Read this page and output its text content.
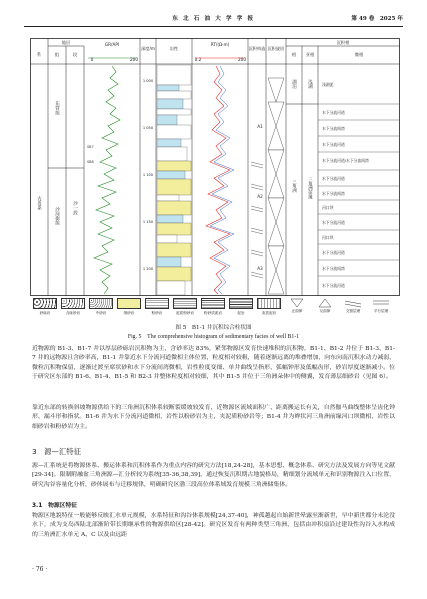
东 北 石 油 大 学 学 报	第 49 卷　2025 年
地层
系	组	段
GR/API
深度/m	岩性
RT/(Ω·m)
沉积构造 沉积旋回
沉积相
相 亚相	微相
0	200	0.2	200
古近系
东营组
沙河街组	沙一段
SB7
SB8
1 000
1 050
1 100
1 150
1 200
湖泊
三角洲
浅湖
三角洲前缘
A1
A2
A3
浅湖泥
水下分流河道
水下分流间湾
水下分流河道
水下分流河道/水下分流间湾
水下分流河道
水下分流间湾
河口坝
水下分流河道
河口坝
水下分流河道
水下分流间湾
水下分流河道
砂砾岩	含砾砂岩	中砂岩	细砂岩	粉砂岩	泥质粉砂岩	粉砂质泥岩	泥岩	灰质泥岩	正韵律	反韵律	交错层理	平行层理
图 5　B1-1 井沉积综合柱状图
Fig. 5　The comprehensive histogram of sedimentary facies of well B1-1
近物源的 B1-3、B1-7 井以厚层砂砾岩沉积物为主，含砂率达 83%，紧邻物源区发育快速堆积的沉积物，B1-1、B1-2 井位于 B1-3、B1-7 井的远物源且含砂率高，B1-1 井靠近水下分流河道微相主体位置，粒度相对较粗，随着逐渐远离的堆叠增加，向东向南沉积水动力减弱，微粒沉积物保留，逐渐过渡至席状砂和水下分流间湾微相，岩性粒度变细、单井曲线呈指形、弧幅钟形及低幅齿形，砂岩厚度逐渐减小。位于研究区东部的 B1-6、B1-4、B1-5 和 B2-3 井整体粒度相对较细，其中 B1-5 井位于三角洲朵体中的侧翼，发育薄层细砂岩（见图 6）。
靠近东部的转换斜坡物源供给下的三角洲沉积体系较断裂缓坡较发育，近物源区流域面积广、距离搬运长有关，自然伽马曲线整体呈齿化钟形、漏斗形和指状。B1-6 井为水下分流河道微相，岩性以粉砂岩为主，夹泥质粉砂岩等；B1-4 井为辫状河三角洲前缘河口坝微相，岩性以细砂岩和粉砂岩为主。
3　源—汇特征
源—汇系统是将物源体系、搬运体系和沉积体系作为重点内容的研究方法[18,24-28]，基本思想、概念体系、研究方法及发展方向等见文献[29-34]。限制附融盆三角洲源—汇分析较为系统[35-36,38,39]，通过恢复沉积期古地貌格局，精细划分流域单元和识别物源注入口位置，研究沟谷容量化分析，砂体展布与迁移规律，明确研究区渤三段高位体系域发育规模三角洲储集体。
3.1　物源区特征
物源区地貌特征一般能够反映汇水单元规模，水系特征和沟谷体系规模[24,37-40]，神孤越起自始新世晕露至渐新世，早中新世都分未沦没水下，成为支岛西陆北部渐阶带长期继承性的物源供给区[28-42]。研究区发育有两种类型三角洲，包括由冲积扇沿过建设性沟谷入水构成的三角洲汇水单元 A、C 以及由远距
· 76 ·
